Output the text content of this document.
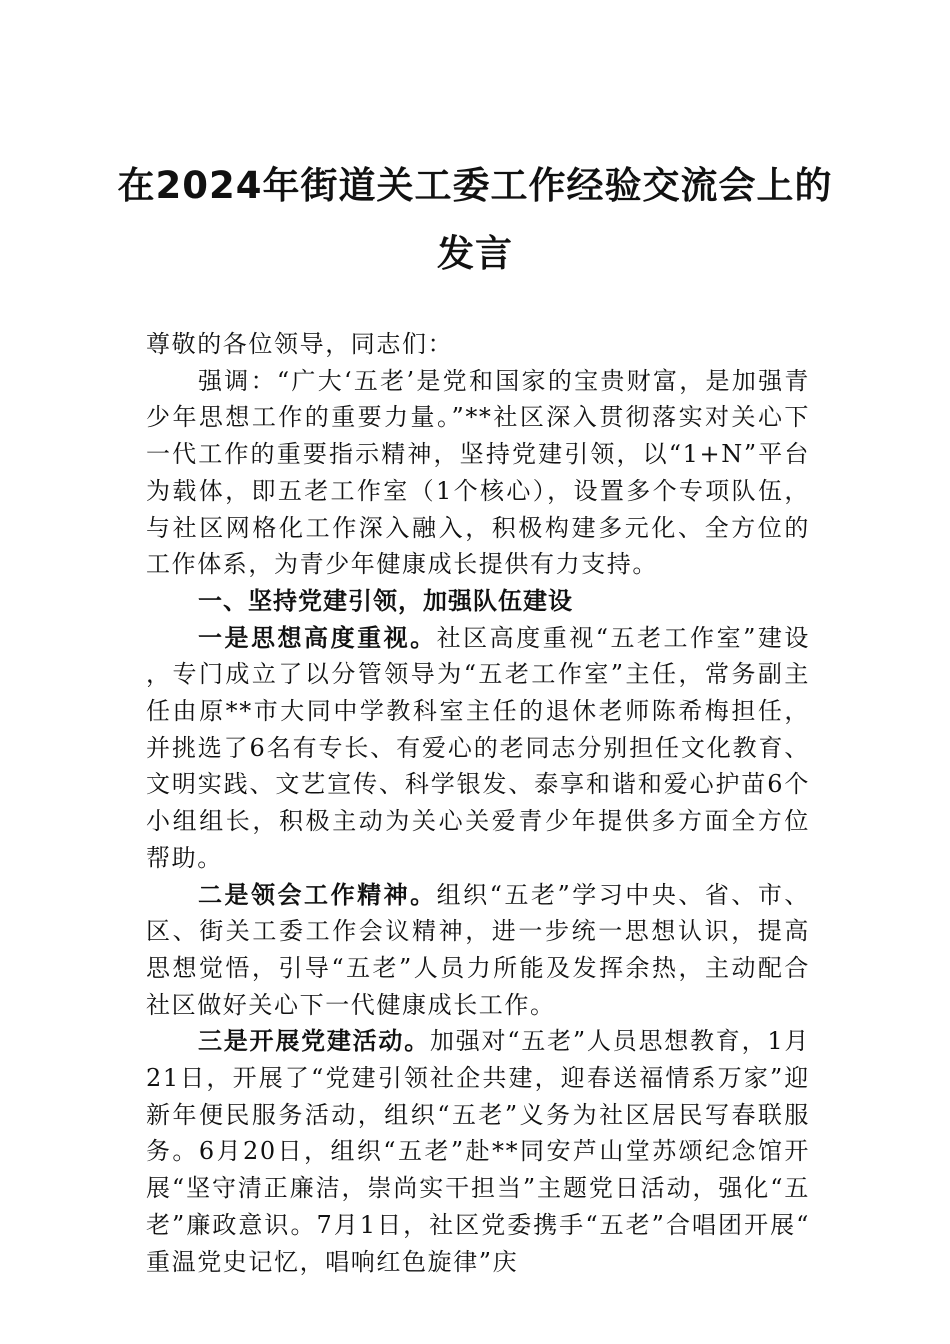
在2024年街道关工委工作经验交流会上的
发言

尊敬的各位领导，同志们：

强调：“广大‘五老’是党和国家的宝贵财富，是加强青少年思想工作的重要力量。”**社区深入贯彻落实对关心下一代工作的重要指示精神，坚持党建引领，以“1+N”平台为载体，即五老工作室（1个核心），设置多个专项队伍，与社区网格化工作深入融入，积极构建多元化、全方位的工作体系，为青少年健康成长提供有力支持。

一、坚持党建引领，加强队伍建设

一是思想高度重视。社区高度重视“五老工作室”建设，专门成立了以分管领导为“五老工作室”主任，常务副主任由原**市大同中学教科室主任的退休老师陈希梅担任，并挑选了6名有专长、有爱心的老同志分别担任文化教育、文明实践、文艺宣传、科学银发、泰享和谐和爱心护苗6个小组组长，积极主动为关心关爱青少年提供多方面全方位帮助。

二是领会工作精神。组织“五老”学习中央、省、市、区、街关工委工作会议精神，进一步统一思想认识，提高思想觉悟，引导“五老”人员力所能及发挥余热，主动配合社区做好关心下一代健康成长工作。

三是开展党建活动。加强对“五老”人员思想教育，1月21日，开展了“党建引领社企共建，迎春送福情系万家”迎新年便民服务活动，组织“五老”义务为社区居民写春联服务。6月20日，组织“五老”赴**同安芦山堂苏颂纪念馆开展“坚守清正廉洁，崇尚实干担当”主题党日活动，强化“五老”廉政意识。7月1日，社区党委携手“五老”合唱团开展“重温党史记忆，唱响红色旋律”庆
